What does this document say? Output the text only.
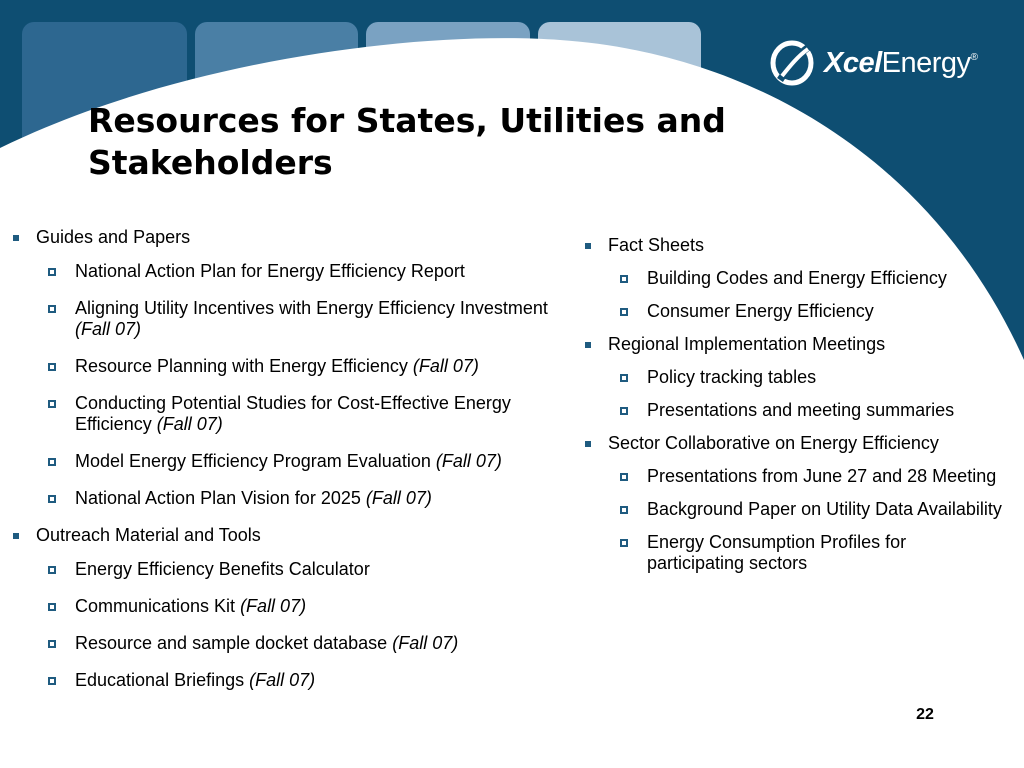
XcelEnergy®
Resources for States, Utilities and
Stakeholders
Guides and Papers
National Action Plan for Energy Efficiency Report
Aligning Utility Incentives with Energy Efficiency Investment (Fall 07)
Resource Planning with Energy Efficiency (Fall 07)
Conducting Potential Studies for Cost-Effective Energy Efficiency (Fall 07)
Model Energy Efficiency Program Evaluation (Fall 07)
National Action Plan Vision for 2025 (Fall 07)
Outreach Material and Tools
Energy Efficiency Benefits Calculator
Communications Kit (Fall 07)
Resource and sample docket database (Fall 07)
Educational Briefings (Fall 07)
Fact Sheets
Building Codes and Energy Efficiency
Consumer Energy Efficiency
Regional Implementation Meetings
Policy tracking tables
Presentations and meeting summaries
Sector Collaborative on Energy Efficiency
Presentations from June 27 and 28 Meeting
Background Paper on Utility Data Availability
Energy Consumption Profiles for participating sectors
22
